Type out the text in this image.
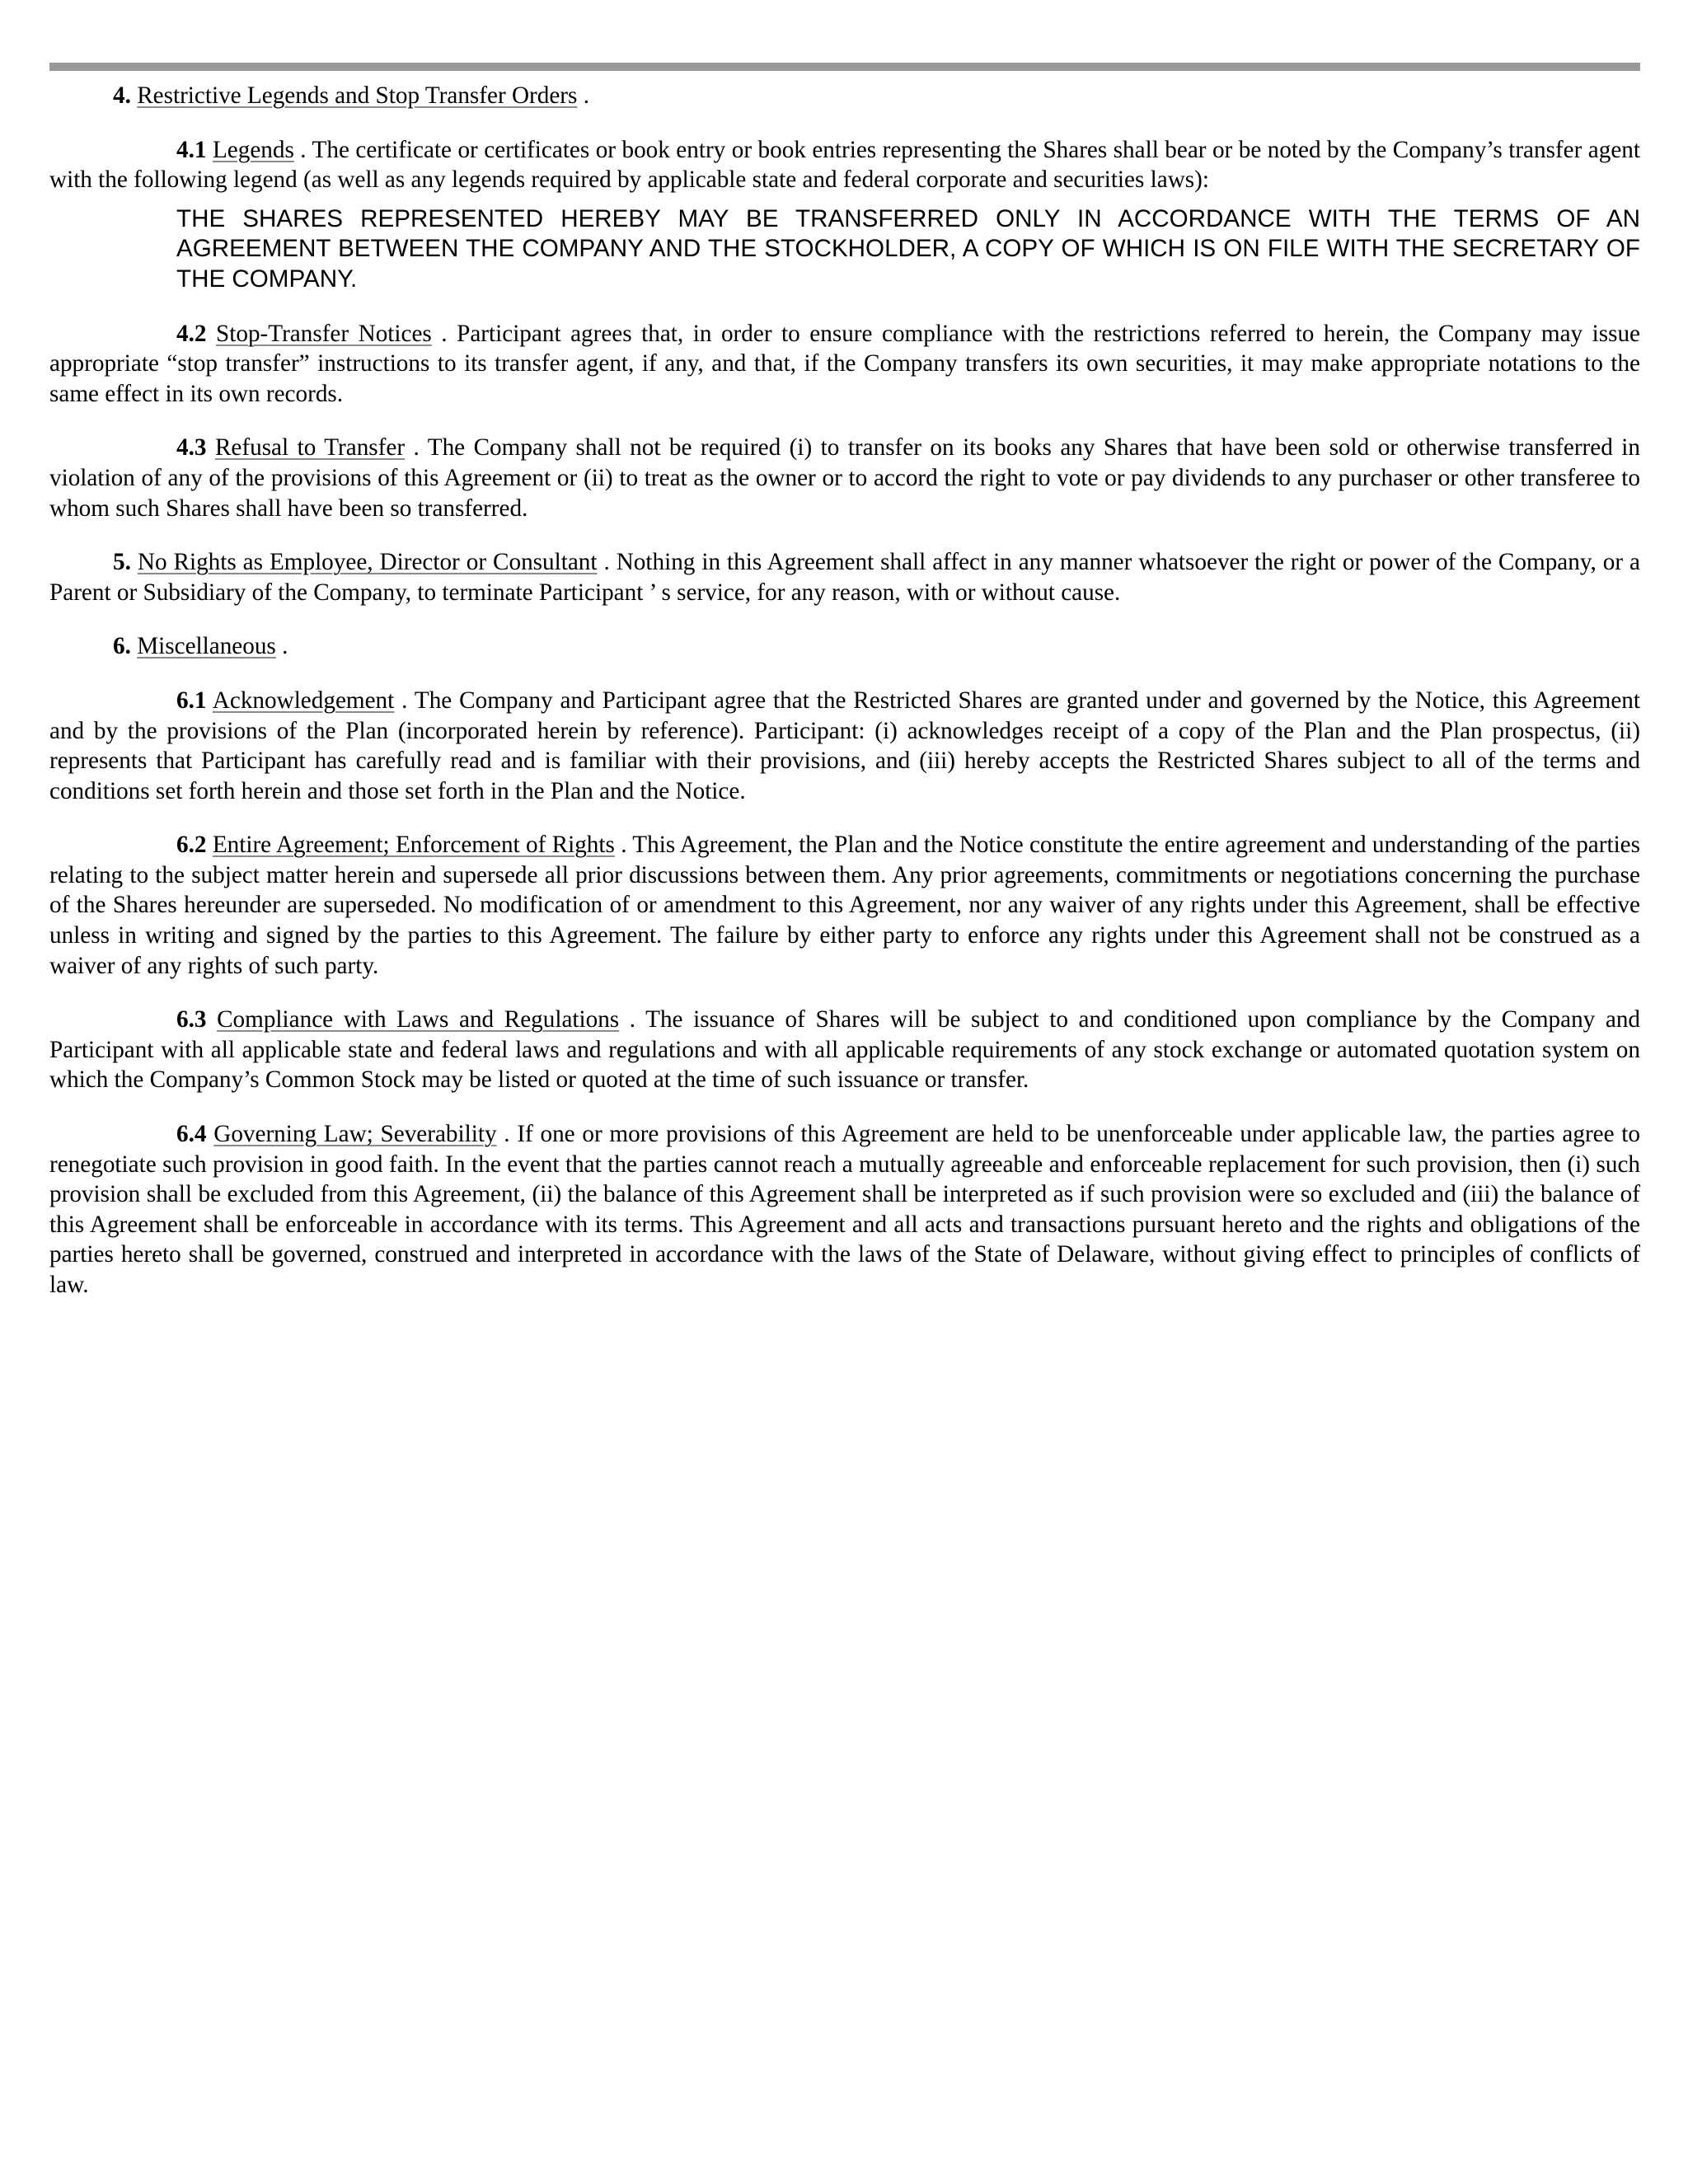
4. Restrictive Legends and Stop Transfer Orders .

4.1 Legends . The certificate or certificates or book entry or book entries representing the Shares shall bear or be noted by the Company’s transfer agent with the following legend (as well as any legends required by applicable state and federal corporate and securities laws):

THE SHARES REPRESENTED HEREBY MAY BE TRANSFERRED ONLY IN ACCORDANCE WITH THE TERMS OF AN AGREEMENT BETWEEN THE COMPANY AND THE STOCKHOLDER, A COPY OF WHICH IS ON FILE WITH THE SECRETARY OF THE COMPANY.

4.2 Stop-Transfer Notices . Participant agrees that, in order to ensure compliance with the restrictions referred to herein, the Company may issue appropriate “stop transfer” instructions to its transfer agent, if any, and that, if the Company transfers its own securities, it may make appropriate notations to the same effect in its own records.

4.3 Refusal to Transfer . The Company shall not be required (i) to transfer on its books any Shares that have been sold or otherwise transferred in violation of any of the provisions of this Agreement or (ii) to treat as the owner or to accord the right to vote or pay dividends to any purchaser or other transferee to whom such Shares shall have been so transferred.

5. No Rights as Employee, Director or Consultant . Nothing in this Agreement shall affect in any manner whatsoever the right or power of the Company, or a Parent or Subsidiary of the Company, to terminate Participant ’ s service, for any reason, with or without cause.

6. Miscellaneous .

6.1 Acknowledgement . The Company and Participant agree that the Restricted Shares are granted under and governed by the Notice, this Agreement and by the provisions of the Plan (incorporated herein by reference). Participant: (i) acknowledges receipt of a copy of the Plan and the Plan prospectus, (ii) represents that Participant has carefully read and is familiar with their provisions, and (iii) hereby accepts the Restricted Shares subject to all of the terms and conditions set forth herein and those set forth in the Plan and the Notice.

6.2 Entire Agreement; Enforcement of Rights . This Agreement, the Plan and the Notice constitute the entire agreement and understanding of the parties relating to the subject matter herein and supersede all prior discussions between them. Any prior agreements, commitments or negotiations concerning the purchase of the Shares hereunder are superseded. No modification of or amendment to this Agreement, nor any waiver of any rights under this Agreement, shall be effective unless in writing and signed by the parties to this Agreement. The failure by either party to enforce any rights under this Agreement shall not be construed as a waiver of any rights of such party.

6.3 Compliance with Laws and Regulations . The issuance of Shares will be subject to and conditioned upon compliance by the Company and Participant with all applicable state and federal laws and regulations and with all applicable requirements of any stock exchange or automated quotation system on which the Company’s Common Stock may be listed or quoted at the time of such issuance or transfer.

6.4 Governing Law; Severability . If one or more provisions of this Agreement are held to be unenforceable under applicable law, the parties agree to renegotiate such provision in good faith. In the event that the parties cannot reach a mutually agreeable and enforceable replacement for such provision, then (i) such provision shall be excluded from this Agreement, (ii) the balance of this Agreement shall be interpreted as if such provision were so excluded and (iii) the balance of this Agreement shall be enforceable in accordance with its terms. This Agreement and all acts and transactions pursuant hereto and the rights and obligations of the parties hereto shall be governed, construed and interpreted in accordance with the laws of the State of Delaware, without giving effect to principles of conflicts of law.
